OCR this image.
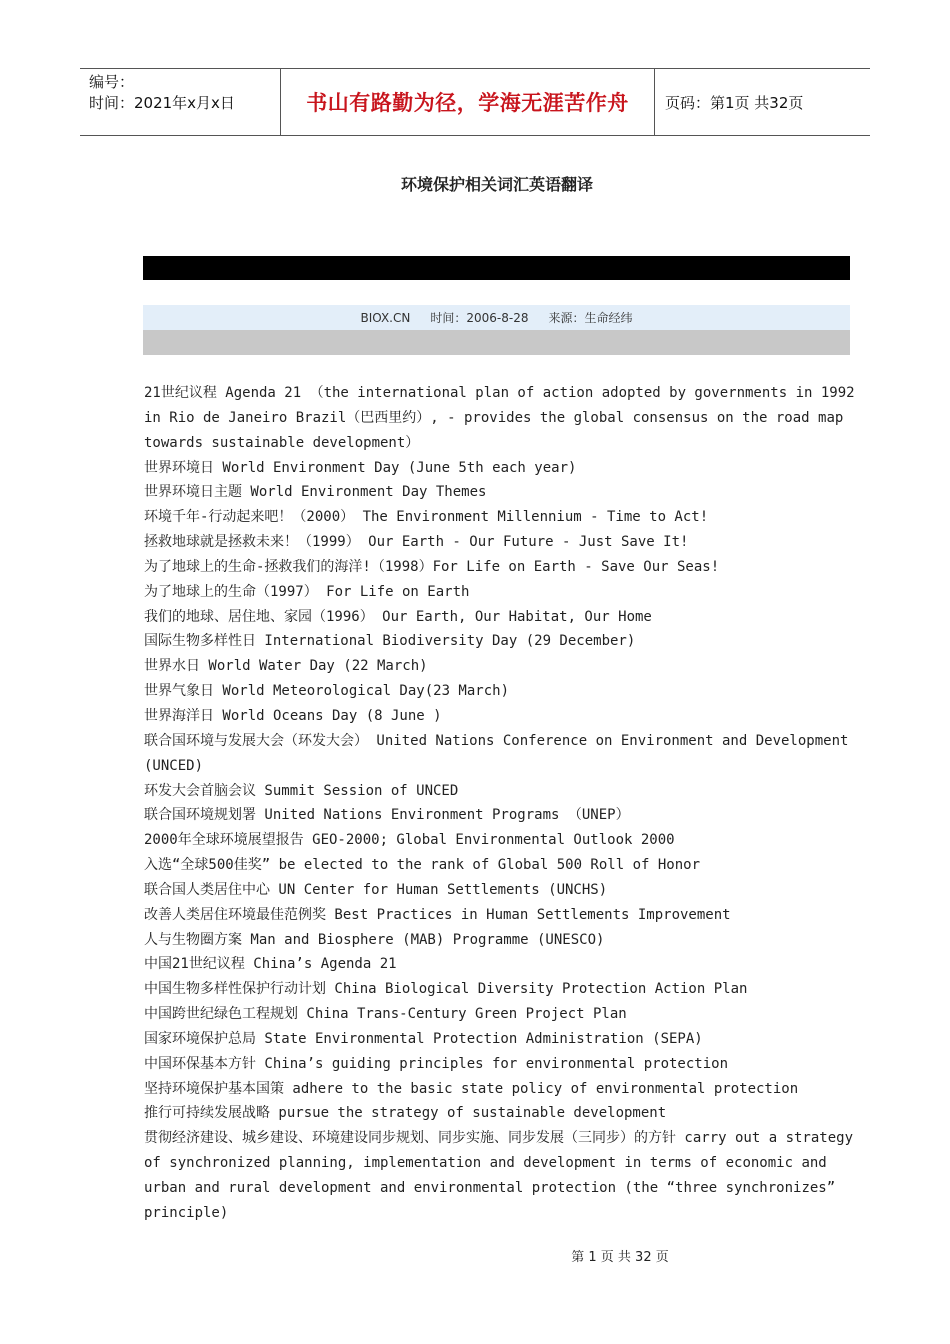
编号：
时间：2021年x月x日	书山有路勤为径，学海无涯苦作舟	页码：第1页 共32页
环境保护相关词汇英语翻译
BIOX.CN 时间：2006-8-28 来源：生命经纬

21世纪议程 Agenda 21 （the international plan of action adopted by governments in 1992 in Rio de Janeiro Brazil（巴西里约）, - provides the global consensus on the road map towards sustainable development）

世界环境日 World Environment Day (June 5th each year)

世界环境日主题 World Environment Day Themes

环境千年-行动起来吧！（2000） The Environment Millennium - Time to Act!

拯救地球就是拯救未来！（1999） Our Earth - Our Future - Just Save It!

为了地球上的生命-拯救我们的海洋!（1998）For Life on Earth - Save Our Seas!

为了地球上的生命（1997） For Life on Earth

我们的地球、居住地、家园（1996） Our Earth, Our Habitat, Our Home

国际生物多样性日 International Biodiversity Day (29 December)

世界水日 World Water Day (22 March)

世界气象日 World Meteorological Day(23 March)

世界海洋日 World Oceans Day (8 June )

联合国环境与发展大会（环发大会） United Nations Conference on Environment and Development (UNCED)

环发大会首脑会议 Summit Session of UNCED

联合国环境规划署 United Nations Environment Programs （UNEP）

2000年全球环境展望报告 GEO-2000; Global Environmental Outlook 2000

入选“全球500佳奖” be elected to the rank of Global 500 Roll of Honor

联合国人类居住中心 UN Center for Human Settlements (UNCHS)

改善人类居住环境最佳范例奖 Best Practices in Human Settlements Improvement

人与生物圈方案 Man and Biosphere (MAB) Programme (UNESCO)

中国21世纪议程 China’s Agenda 21

中国生物多样性保护行动计划 China Biological Diversity Protection Action Plan

中国跨世纪绿色工程规划 China Trans-Century Green Project Plan

国家环境保护总局 State Environmental Protection Administration (SEPA)

中国环保基本方针 China’s guiding principles for environmental protection

坚持环境保护基本国策 adhere to the basic state policy of environmental protection

推行可持续发展战略 pursue the strategy of sustainable development

贯彻经济建设、城乡建设、环境建设同步规划、同步实施、同步发展（三同步）的方针 carry out a strategy of synchronized planning, implementation and development in terms of economic and urban and rural development and environmental protection (the “three synchronizes” principle)

第 1 页 共 32 页
